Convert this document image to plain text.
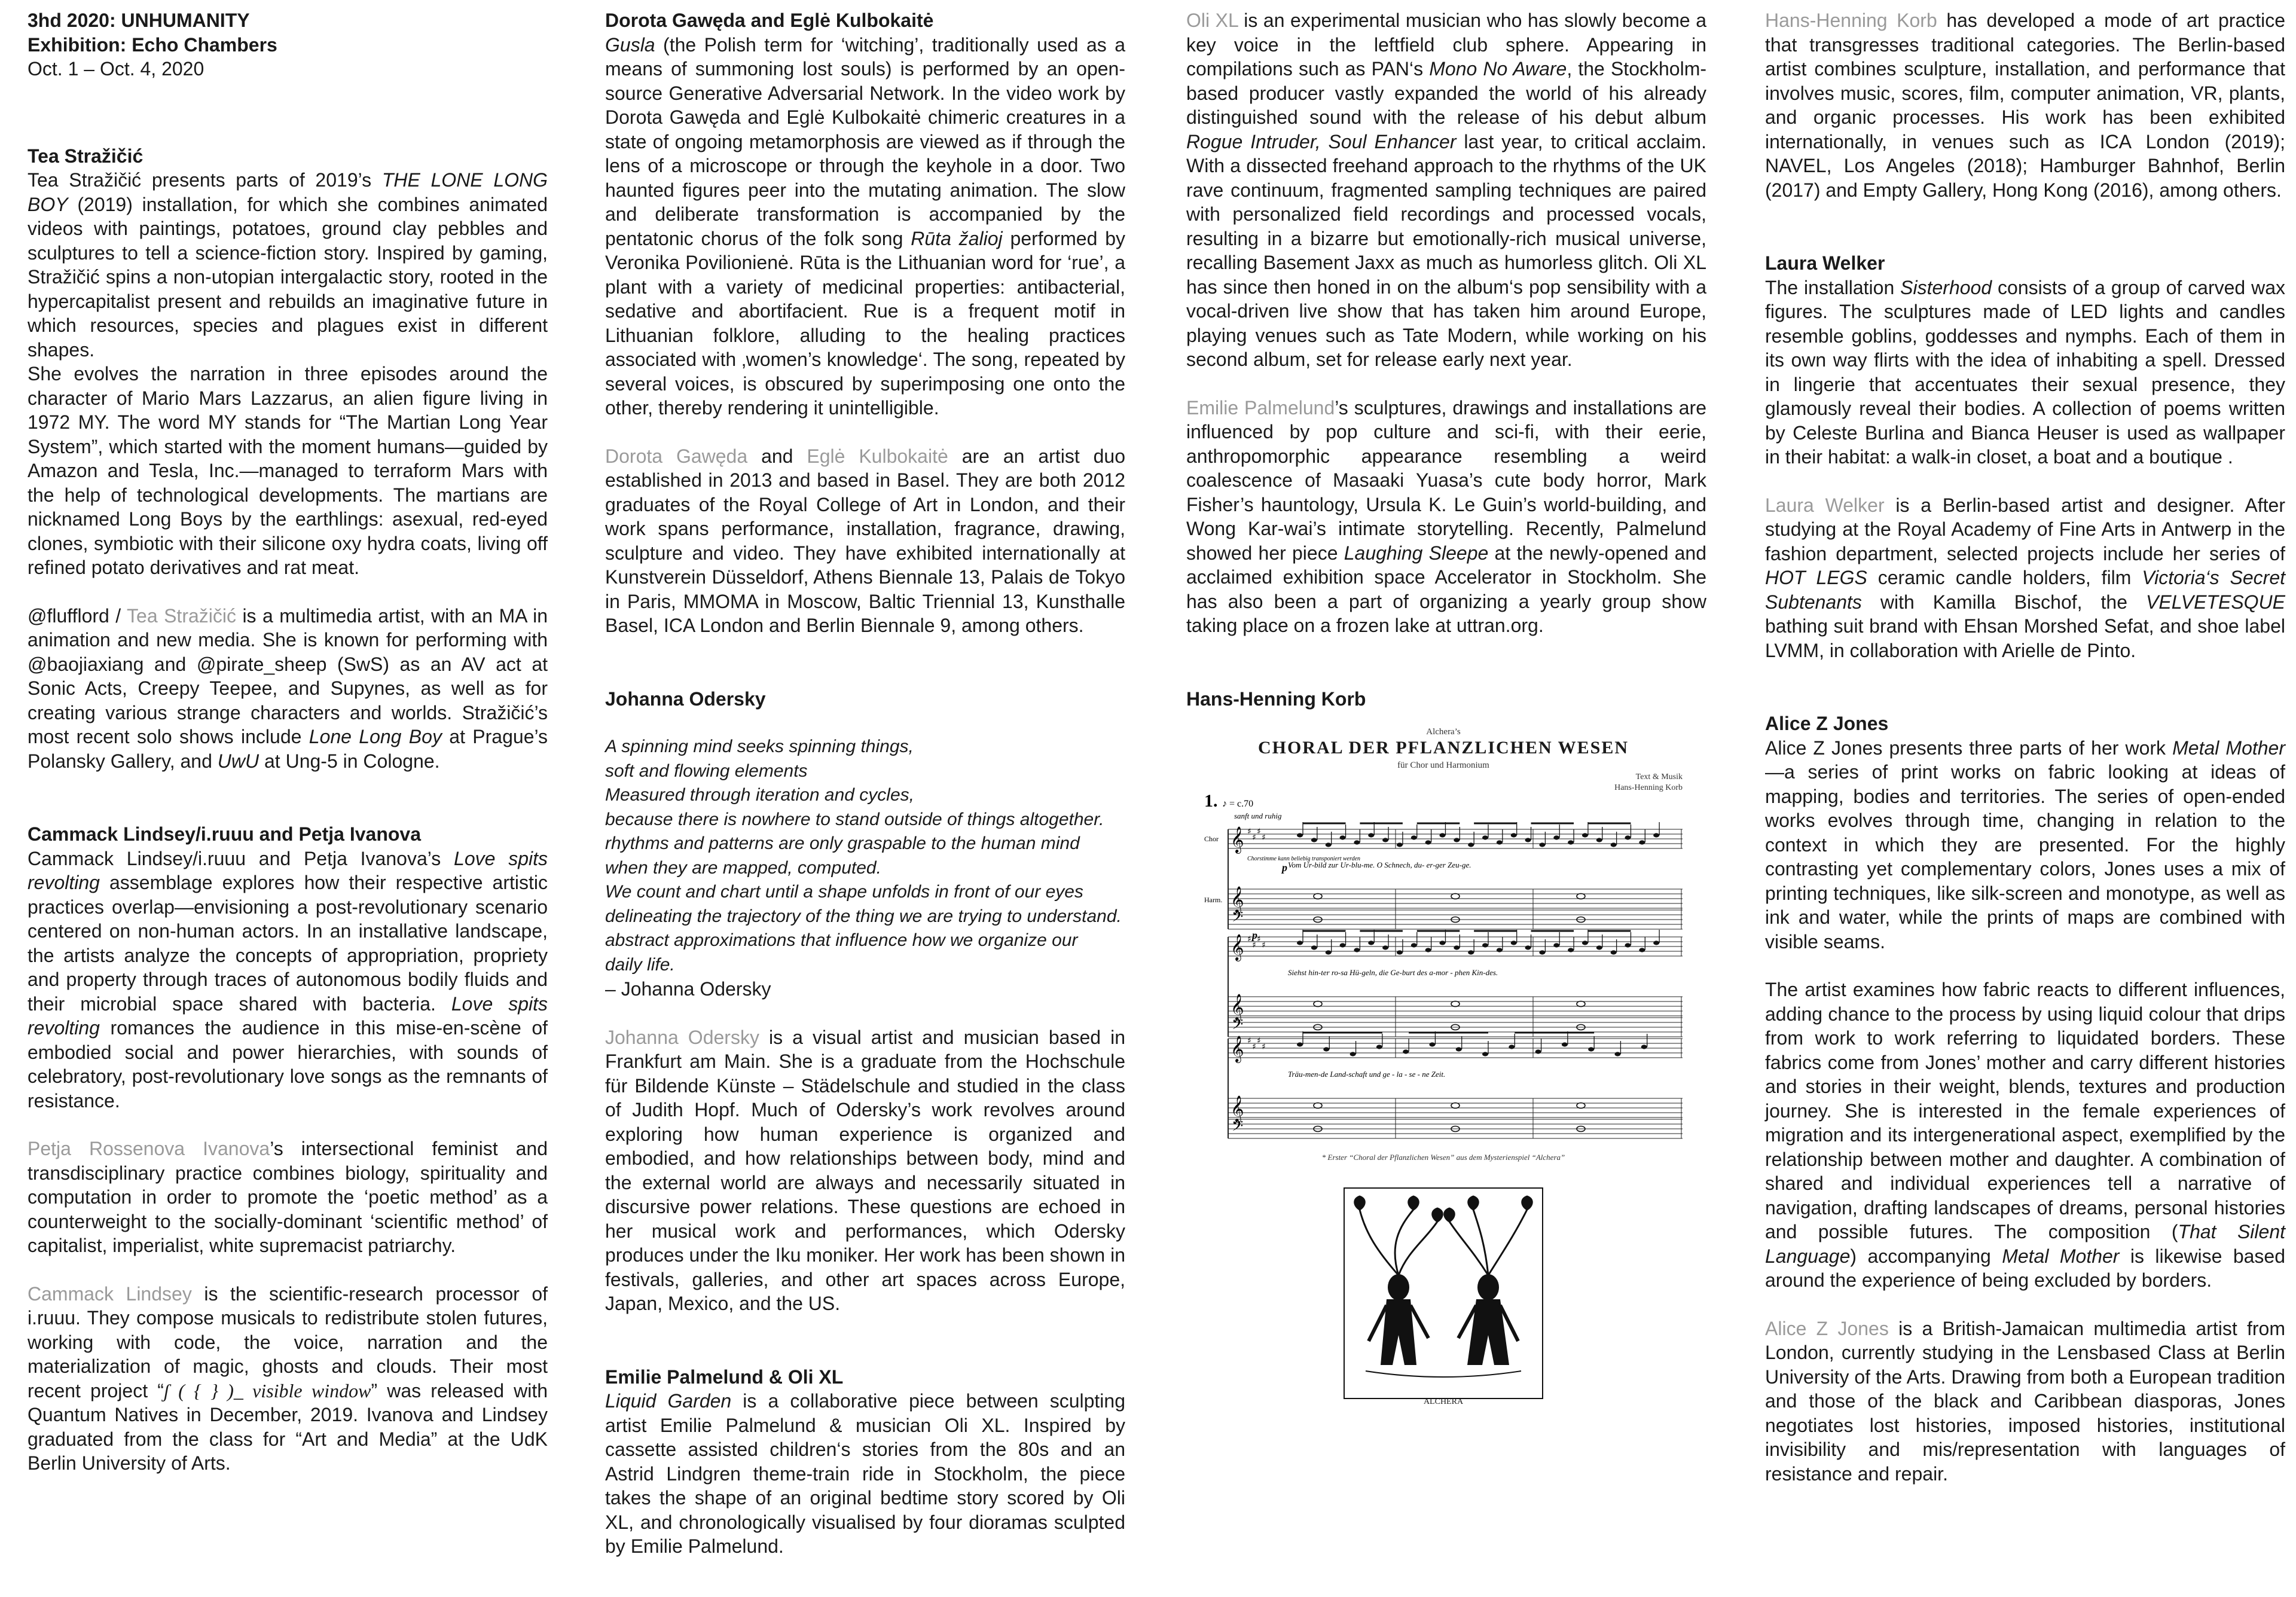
3hd 2020: UNHUMANITY

Exhibition: Echo Chambers

Oct. 1 – Oct. 4, 2020

Tea Stražičić

Tea Stražičić presents parts of 2019’s THE LONE LONG BOY (2019) installation, for which she combines animated videos with paintings, potatoes, ground clay pebbles and sculptures to tell a science-fiction story. Inspired by gaming, Stražičić spins a non-utopian intergalactic story, rooted in the hypercapitalist present and rebuilds an imaginative future in which resources, species and plagues exist in different shapes.

She evolves the narration in three episodes around the character of Mario Mars Lazzarus, an alien figure living in 1972 MY. The word MY stands for “The Martian Long Year System”, which started with the moment humans—guided by Amazon and Tesla, Inc.—managed to terraform Mars with the help of technological developments. The martians are nicknamed Long Boys by the earthlings: asexual, red-eyed clones, symbiotic with their silicone oxy hydra coats, living off refined potato derivatives and rat meat.

@flufflord / Tea Stražičić is a multimedia artist, with an MA in animation and new media. She is known for performing with @baojiaxiang and @pirate_sheep (SwS) as an AV act at Sonic Acts, Creepy Teepee, and Supynes, as well as for creating various strange characters and worlds. Stražičić’s most recent solo shows include Lone Long Boy at Prague’s Polansky Gallery, and UwU at Ung-5 in Cologne.

Cammack Lindsey/i.ruuu and Petja Ivanova

Cammack Lindsey/i.ruuu and Petja Ivanova’s Love spits revolting assemblage explores how their respective artistic practices overlap—envisioning a post-revolutionary scenario centered on non-human actors. In an installative landscape, the artists analyze the concepts of appropriation, propriety and property through traces of autonomous bodily fluids and their microbial space shared with bacteria. Love spits revolting romances the audience in this mise-en-scène of embodied social and power hierarchies, with sounds of celebratory, post-revolutionary love songs as the remnants of resistance.

Petja Rossenova Ivanova’s intersectional feminist and transdisciplinary practice combines biology, spirituality and computation in order to promote the ‘poetic method’ as a counterweight to the socially-dominant ‘scientific method’ of capitalist, imperialist, white supremacist patriarchy.

Cammack Lindsey is the scientific-research processor of i.ruuu. They compose musicals to redistribute stolen futures, working with code, the voice, narration and the materialization of magic, ghosts and clouds. Their most recent project “ʃ ( { } )_ visible window” was released with Quantum Natives in December, 2019. Ivanova and Lindsey graduated from the class for “Art and Media” at the UdK Berlin University of Arts.

Dorota Gawęda and Eglė Kulbokaitė

Gusla (the Polish term for ‘witching’, traditionally used as a means of summoning lost souls) is performed by an open-source Generative Adversarial Network. In the video work by Dorota Gawęda and Eglė Kulbokaitė chimeric creatures in a state of ongoing metamorphosis are viewed as if through the lens of a microscope or through the keyhole in a door. Two haunted figures peer into the mutating animation. The slow and deliberate transformation is accompanied by the pentatonic chorus of the folk song Rūta žalioj performed by Veronika Povilionienė. Rūta is the Lithuanian word for ‘rue’, a plant with a variety of medicinal properties: antibacterial, sedative and abortifacient. Rue is a frequent motif in Lithuanian folklore, alluding to the healing practices associated with ‚women’s knowledge‘. The song, repeated by several voices, is obscured by superimposing one onto the other, thereby rendering it unintelligible.

Dorota Gawęda and Eglė Kulbokaitė are an artist duo established in 2013 and based in Basel. They are both 2012 graduates of the Royal College of Art in London, and their work spans performance, installation, fragrance, drawing, sculpture and video. They have exhibited internationally at Kunstverein Düsseldorf, Athens Biennale 13, Palais de Tokyo in Paris, MMOMA in Moscow, Baltic Triennial 13, Kunsthalle Basel, ICA London and Berlin Biennale 9, among others.

Johanna Odersky

A spinning mind seeks spinning things,
soft and flowing elements
Measured through iteration and cycles,
because there is nowhere to stand outside of things altogether.
rhythms and patterns are only graspable to the human mind
when they are mapped, computed.
We count and chart until a shape unfolds in front of our eyes
delineating the trajectory of the thing we are trying to understand.
abstract approximations that influence how we organize our
daily life.

– Johanna Odersky

Johanna Odersky is a visual artist and musician based in Frankfurt am Main. She is a graduate from the Hochschule für Bildende Künste – Städelschule and studied in the class of Judith Hopf. Much of Odersky’s work revolves around exploring how human experience is organized and embodied, and how relationships between body, mind and the external world are always and necessarily situated in discursive power relations. These questions are echoed in her musical work and performances, which Odersky produces under the Iku moniker. Her work has been shown in festivals, galleries, and other art spaces across Europe, Japan, Mexico, and the US.

Emilie Palmelund & Oli XL

Liquid Garden is a collaborative piece between sculpting artist Emilie Palmelund & musician Oli XL. Inspired by cassette assisted children‘s stories from the 80s and an Astrid Lindgren theme-train ride in Stockholm, the piece takes the shape of an original bedtime story scored by Oli XL, and chronologically visualised by four dioramas sculpted by Emilie Palmelund.

Oli XL is an experimental musician who has slowly become a key voice in the leftfield club sphere. Appearing in compilations such as PAN‘s Mono No Aware, the Stockholm-based producer vastly expanded the world of his already distinguished sound with the release of his debut album Rogue Intruder, Soul Enhancer last year, to critical acclaim. With a dissected freehand approach to the rhythms of the UK rave continuum, fragmented sampling techniques are paired with personalized field recordings and processed vocals, resulting in a bizarre but emotionally-rich musical universe, recalling Basement Jaxx as much as humorless glitch. Oli XL has since then honed in on the album‘s pop sensibility with a vocal-driven live show that has taken him around Europe, playing venues such as Tate Modern, while working on his second album, set for release early next year.

Emilie Palmelund’s sculptures, drawings and installations are influenced by pop culture and sci-fi, with their eerie, anthropomorphic appearance resembling a weird coalescence of Masaaki Yuasa’s cute body horror, Mark Fisher’s hauntology, Ursula K. Le Guin’s world-building, and Wong Kar-wai’s intimate storytelling. Recently, Palmelund showed her piece Laughing Sleepe at the newly-opened and acclaimed exhibition space Accelerator in Stockholm. She has also been a part of organizing a yearly group show taking place on a frozen lake at uttran.org.

Hans-Henning Korb

Alchera’s
CHORAL DER PFLANZLICHEN WESEN
für Chor und Harmonium
Text & Musik
Hans-Henning Korb
1. ♪ = c.70
sanft und ruhig
𝄞
𝄞
𝄢
♯
♯
♯
♯
Chor
Harm.
Chorstimme kann beliebig transponiert werden
p
p
Vom Ur-bild zur Ur-blu-me. O Schnech, du- er-ger Zeu-ge.
𝄞
𝄞
𝄢
♯
♯
♯
♯
Siehst hin-ter ro-sa Hü-geln, die Ge-burt des a-mor - phen Kin-des.
𝄞
𝄞
𝄢
♯
♯
♯
♯
Träu-men-de Land-schaft und ge - la - se - ne Zeit.
* Erster “Choral der Pflanzlichen Wesen” aus dem Mysterienspiel “Alchera”
ALCHERA

Hans-Henning Korb has developed a mode of art practice that transgresses traditional categories. The Berlin-based artist combines sculpture, installation, and performance that involves music, scores, film, computer animation, VR, plants, and organic processes. His work has been exhibited internationally, in venues such as ICA London (2019); NAVEL, Los Angeles (2018); Hamburger Bahnhof, Berlin (2017) and Empty Gallery, Hong Kong (2016), among others.

Laura Welker

The installation Sisterhood consists of a group of carved wax figures. The sculptures made of LED lights and candles resemble goblins, goddesses and nymphs. Each of them in its own way flirts with the idea of inhabiting a spell. Dressed in lingerie that accentuates their sexual presence, they glamously reveal their bodies. A collection of poems written by Celeste Burlina and Bianca Heuser is used as wallpaper in their habitat: a walk-in closet, a boat and a boutique .

Laura Welker is a Berlin-based artist and designer. After studying at the Royal Academy of Fine Arts in Antwerp in the fashion department, selected projects include her series of HOT LEGS ceramic candle holders, film Victoria‘s Secret Subtenants with Kamilla Bischof, the VELVETESQUE bathing suit brand with Ehsan Morshed Sefat, and shoe label LVMM, in collaboration with Arielle de Pinto.

Alice Z Jones

Alice Z Jones presents three parts of her work Metal Mother—a series of print works on fabric looking at ideas of mapping, bodies and territories. The series of open-ended works evolves through time, changing in relation to the context in which they are presented. For the highly contrasting yet complementary colors, Jones uses a mix of printing techniques, like silk-screen and monotype, as well as ink and water, while the prints of maps are combined with visible seams.

The artist examines how fabric reacts to different influences, adding chance to the process by using liquid colour that drips from work to work referring to liquidated borders. These fabrics come from Jones’ mother and carry different histories and stories in their weight, blends, textures and production journey. She is interested in the female experiences of migration and its intergenerational aspect, exemplified by the relationship between mother and daughter. A combination of shared and individual experiences tell a narrative of navigation, drafting landscapes of dreams, personal histories and possible futures. The composition (That Silent Language) accompanying Metal Mother is likewise based around the experience of being excluded by borders.

Alice Z Jones is a British-Jamaican multimedia artist from London, currently studying in the Lensbased Class at Berlin University of the Arts. Drawing from both a European tradition and those of the black and Caribbean diasporas, Jones negotiates lost histories, imposed histories, institutional invisibility and mis/representation with languages of resistance and repair.
